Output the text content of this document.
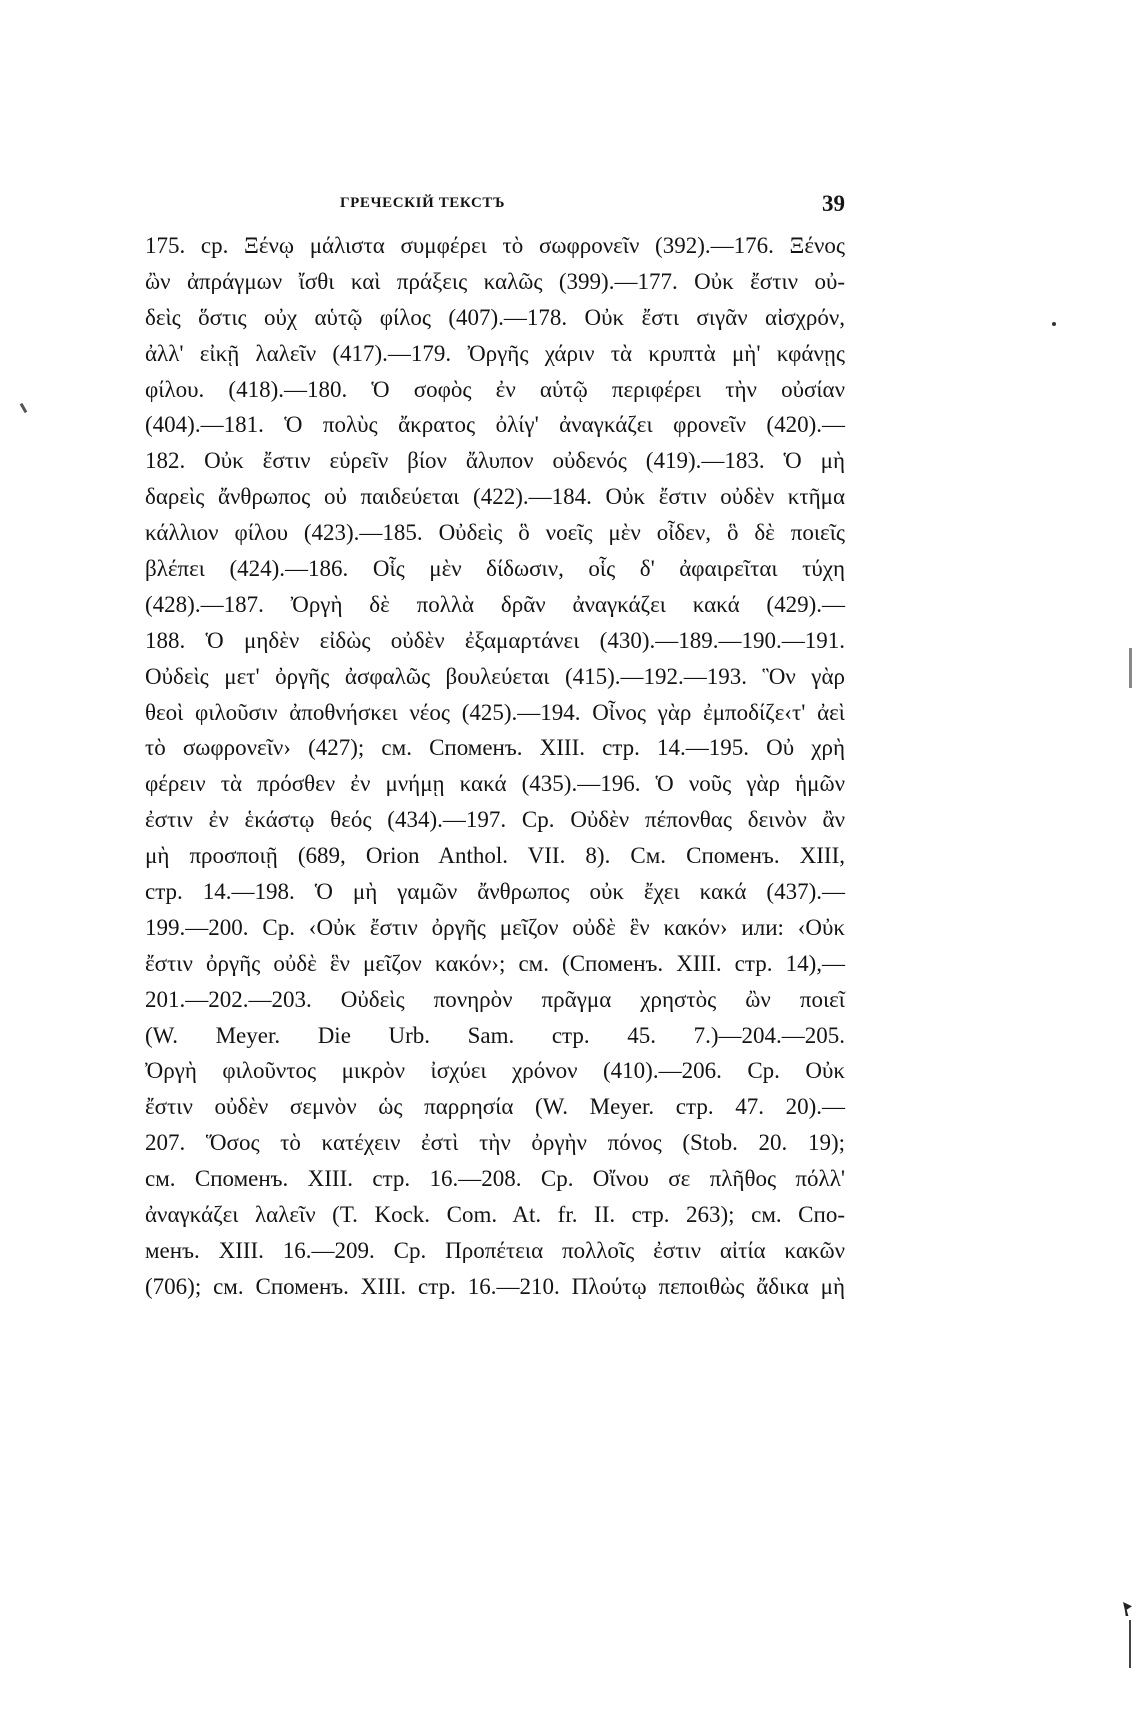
ГРЕЧЕСКІЙ ТЕКСТЪ	39
175. cp. Ξένῳ μάλιστα συμφέρει τὸ σωφρονεῖν (392).—176. Ξένος
ὢν ἀπράγμων ἴσθι καὶ πράξεις καλῶς (399).—177. Οὐκ ἔστιν οὐ-
δεὶς ὅστις οὐχ αὑτῷ φίλος (407).—178. Οὐκ ἔστι σιγᾶν αἰσχρόν,
ἀλλ' εἰκῇ λαλεῖν (417).—179. Ὀργῆς χάριν τὰ κρυπτὰ μὴ' κφάνῃς
φίλου. (418).—180. Ὁ σοφὸς ἐν αὑτῷ περιφέρει τὴν οὐσίαν
(404).—181. Ὁ πολὺς ἄκρατος ὀλίγ' ἀναγκάζει φρονεῖν (420).—
182. Οὐκ ἔστιν εὑρεῖν βίον ἄλυπον οὐδενός (419).—183. Ὁ μὴ
δαρεὶς ἄνθρωπος οὐ παιδεύεται (422).—184. Οὐκ ἔστιν οὐδὲν κτῆμα
κάλλιον φίλου (423).—185. Οὐδεὶς ὃ νοεῖς μὲν οἶδεν, ὃ δὲ ποιεῖς
βλέπει (424).—186. Οἷς μὲν δίδωσιν, οἷς δ' ἀφαιρεῖται τύχη
(428).—187. Ὀργὴ δὲ πολλὰ δρᾶν ἀναγκάζει κακά (429).—
188. Ὁ μηδὲν εἰδὼς οὐδὲν ἐξαμαρτάνει (430).—189.—190.—191.
Οὐδεὶς μετ' ὀργῆς ἀσφαλῶς βουλεύεται (415).—192.—193. Ὃν γὰρ
θεοὶ φιλοῦσιν ἀποθνήσκει νέος (425).—194. Οἶνος γὰρ ἐμποδίζε‹τ' ἀεὶ
τὸ σωφρονεῖν› (427); см. Споменъ. XIII. стр. 14.—195. Οὐ χρὴ
φέρειν τὰ πρόσθεν ἐν μνήμῃ κακά (435).—196. Ὁ νοῦς γὰρ ἡμῶν
ἐστιν ἐν ἑκάστῳ θεός (434).—197. Ср. Οὐδὲν πέπονθας δεινὸν ἂν
μὴ προσποιῇ (689, Orion Anthol. VII. 8). См. Споменъ. XIII,
стр. 14.—198. Ὁ μὴ γαμῶν ἄνθρωπος οὐκ ἔχει κακά (437).—
199.—200. Ср. ‹Οὐκ ἔστιν ὀργῆς μεῖζον οὐδὲ ἓν κακόν› или: ‹Οὐκ
ἔστιν ὀργῆς οὐδὲ ἓν μεῖζον κακόν›; см. (Споменъ. XIII. стр. 14),—
201.—202.—203. Οὐδεὶς πονηρὸν πρᾶγμα χρηστὸς ὢν ποιεῖ
(W. Meyer. Die Urb. Sam. стр. 45. 7.)—204.—205.
Ὀργὴ φιλοῦντος μικρὸν ἰσχύει χρόνον (410).—206. Ср. Οὐκ
ἔστιν οὐδὲν σεμνὸν ὡς παρρησία (W. Meyer. стр. 47. 20).—
207. Ὅσος τὸ κατέχειν ἐστὶ τὴν ὀργὴν πόνος (Stob. 20. 19);
см. Споменъ. XIII. стр. 16.—208. Ср. Οἴνου σε πλῆθος πόλλ'
ἀναγκάζει λαλεῖν (T. Kock. Com. At. fr. II. стр. 263); см. Спо-
менъ. XIII. 16.—209. Ср. Προπέτεια πολλοῖς ἐστιν αἰτία κακῶν
(706); см. Споменъ. XIII. стр. 16.—210. Πλούτῳ πεποιθὼς ἄδικα μὴ
